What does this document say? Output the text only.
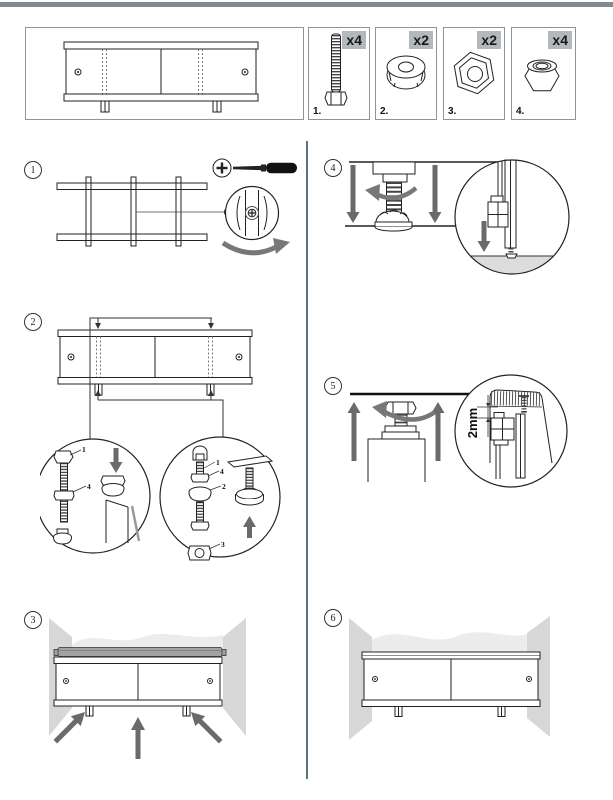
x4
1.
x2
2.
x2
3.
x4
4.
1
2
3
4
5
6
1
4
1
4
2
3
2mm
